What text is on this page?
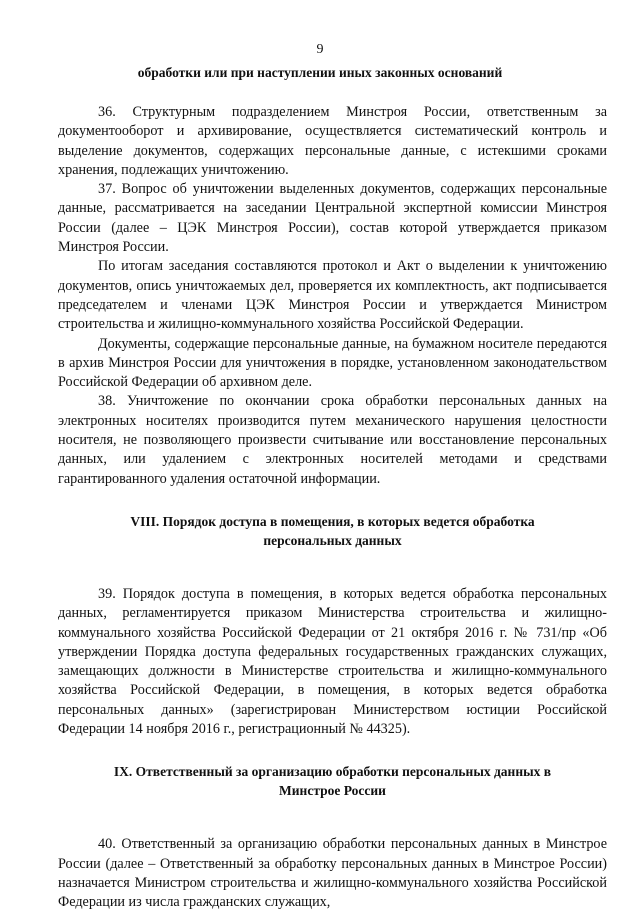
9

обработки или при наступлении иных законных оснований

36. Структурным подразделением Минстроя России, ответственным за документооборот и архивирование, осуществляется систематический контроль и выделение документов, содержащих персональные данные, с истекшими сроками хранения, подлежащих уничтожению.

37. Вопрос об уничтожении выделенных документов, содержащих персональные данные, рассматривается на заседании Центральной экспертной комиссии Минстроя России (далее – ЦЭК Минстроя России), состав которой утверждается приказом Минстроя России.

По итогам заседания составляются протокол и Акт о выделении к уничтожению документов, опись уничтожаемых дел, проверяется их комплектность, акт подписывается председателем и членами ЦЭК Минстроя России и утверждается Министром строительства и жилищно-коммунального хозяйства Российской Федерации.

Документы, содержащие персональные данные, на бумажном носителе передаются в архив Минстроя России для уничтожения в порядке, установленном законодательством Российской Федерации об архивном деле.

38. Уничтожение по окончании срока обработки персональных данных на электронных носителях производится путем механического нарушения целостности носителя, не позволяющего произвести считывание или восстановление персональных данных, или удалением с электронных носителей методами и средствами гарантированного удаления остаточной информации.

VIII. Порядок доступа в помещения, в которых ведется обработка

персональных данных

39. Порядок доступа в помещения, в которых ведется обработка персональных данных, регламентируется приказом Министерства строительства и жилищно-коммунального хозяйства Российской Федерации от 21 октября 2016 г. № 731/пр «Об утверждении Порядка доступа федеральных государственных гражданских служащих, замещающих должности в Министерстве строительства и жилищно-коммунального хозяйства Российской Федерации, в помещения, в которых ведется обработка персональных данных» (зарегистрирован Министерством юстиции Российской Федерации 14 ноября 2016 г., регистрационный № 44325).

IX. Ответственный за организацию обработки персональных данных в

Минстрое России

40. Ответственный за организацию обработки персональных данных в Минстрое России (далее – Ответственный за обработку персональных данных в Минстрое России) назначается Министром строительства и жилищно-коммунального хозяйства Российской Федерации из числа гражданских служащих,
